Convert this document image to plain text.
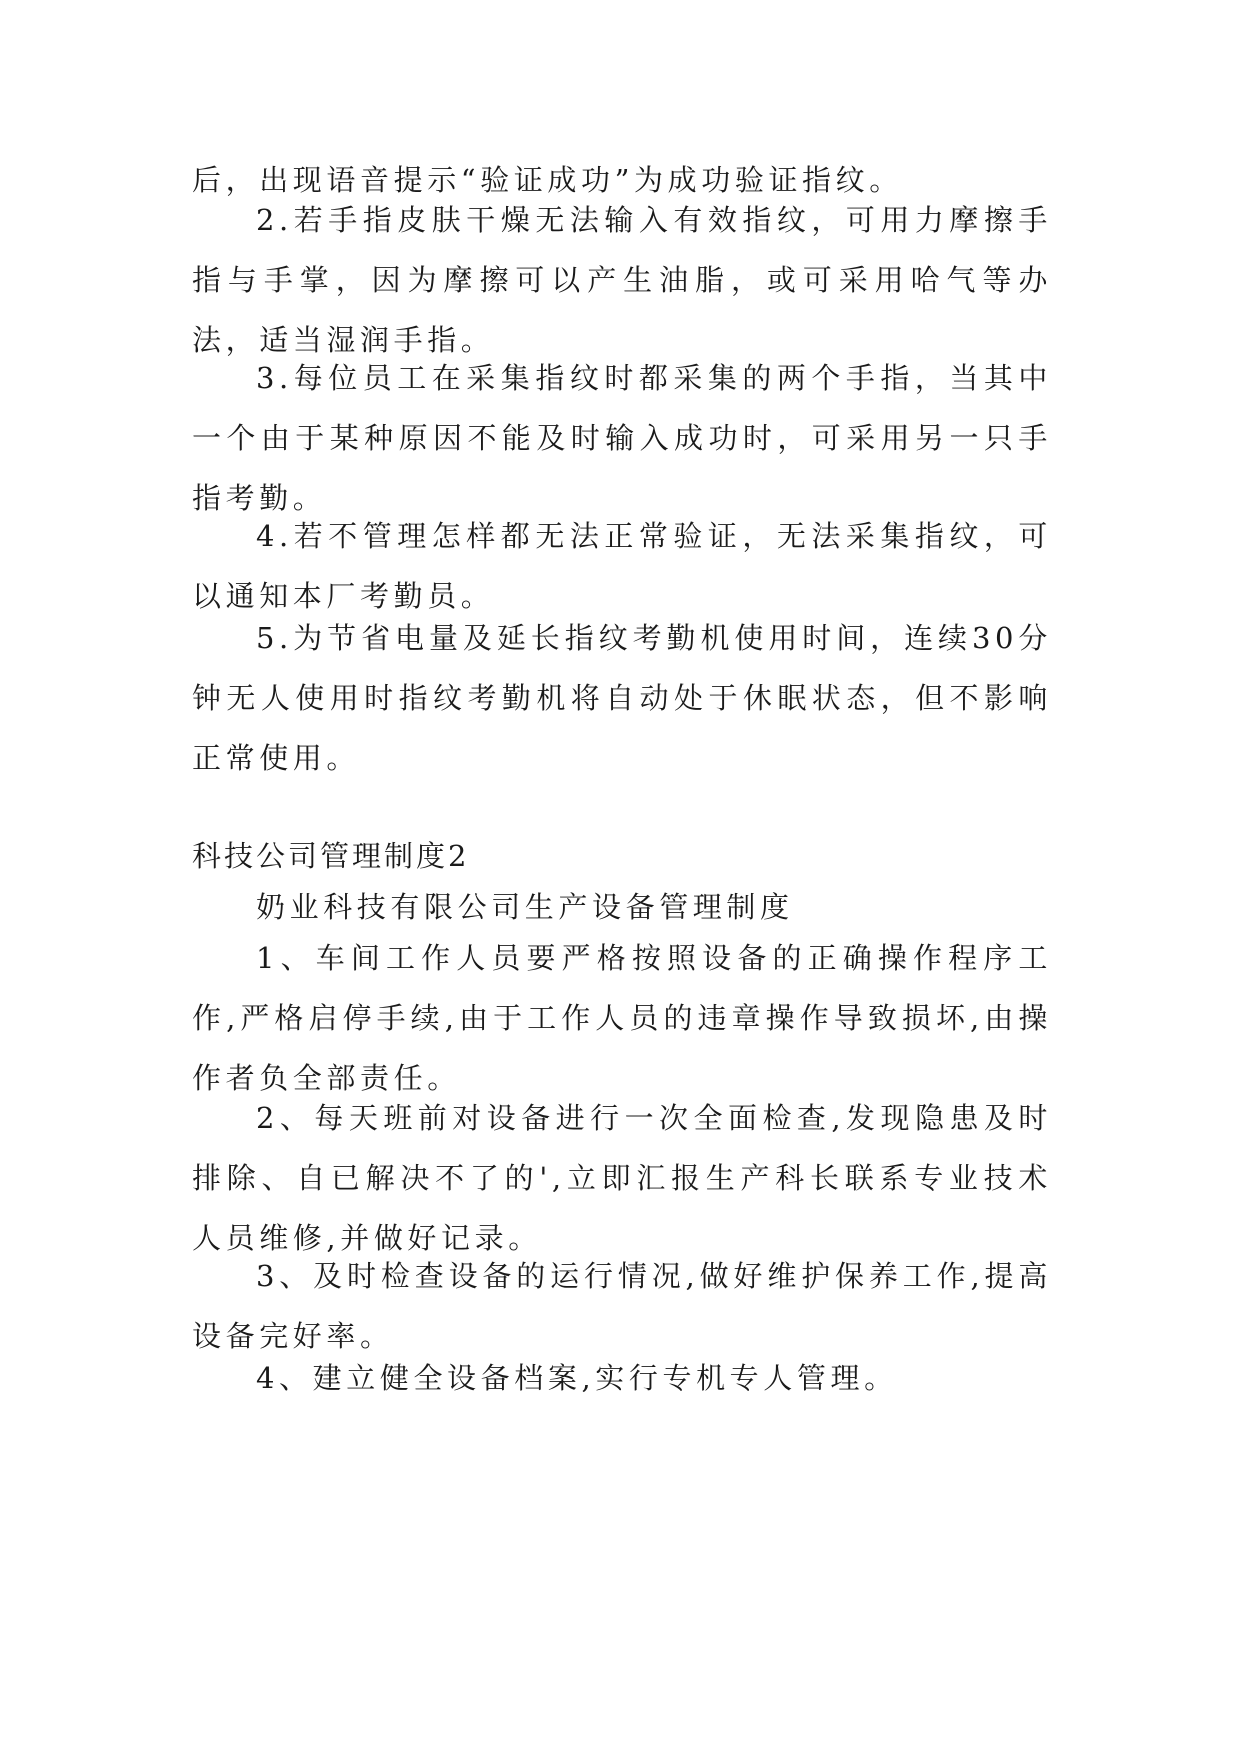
后，出现语音提示“验证成功”为成功验证指纹。

2.若手指皮肤干燥无法输入有效指纹，可用力摩擦手指与手掌，因为摩擦可以产生油脂，或可采用哈气等办法，适当湿润手指。

3.每位员工在采集指纹时都采集的两个手指，当其中一个由于某种原因不能及时输入成功时，可采用另一只手指考勤。

4.若不管理怎样都无法正常验证，无法采集指纹，可以通知本厂考勤员。

5.为节省电量及延长指纹考勤机使用时间，连续30分钟无人使用时指纹考勤机将自动处于休眠状态，但不影响正常使用。

科技公司管理制度2

奶业科技有限公司生产设备管理制度

1、车间工作人员要严格按照设备的正确操作程序工作,严格启停手续,由于工作人员的违章操作导致损坏,由操作者负全部责任。

2、每天班前对设备进行一次全面检查,发现隐患及时排除、自已解决不了的',立即汇报生产科长联系专业技术人员维修,并做好记录。

3、及时检查设备的运行情况,做好维护保养工作,提高设备完好率。

4、建立健全设备档案,实行专机专人管理。
